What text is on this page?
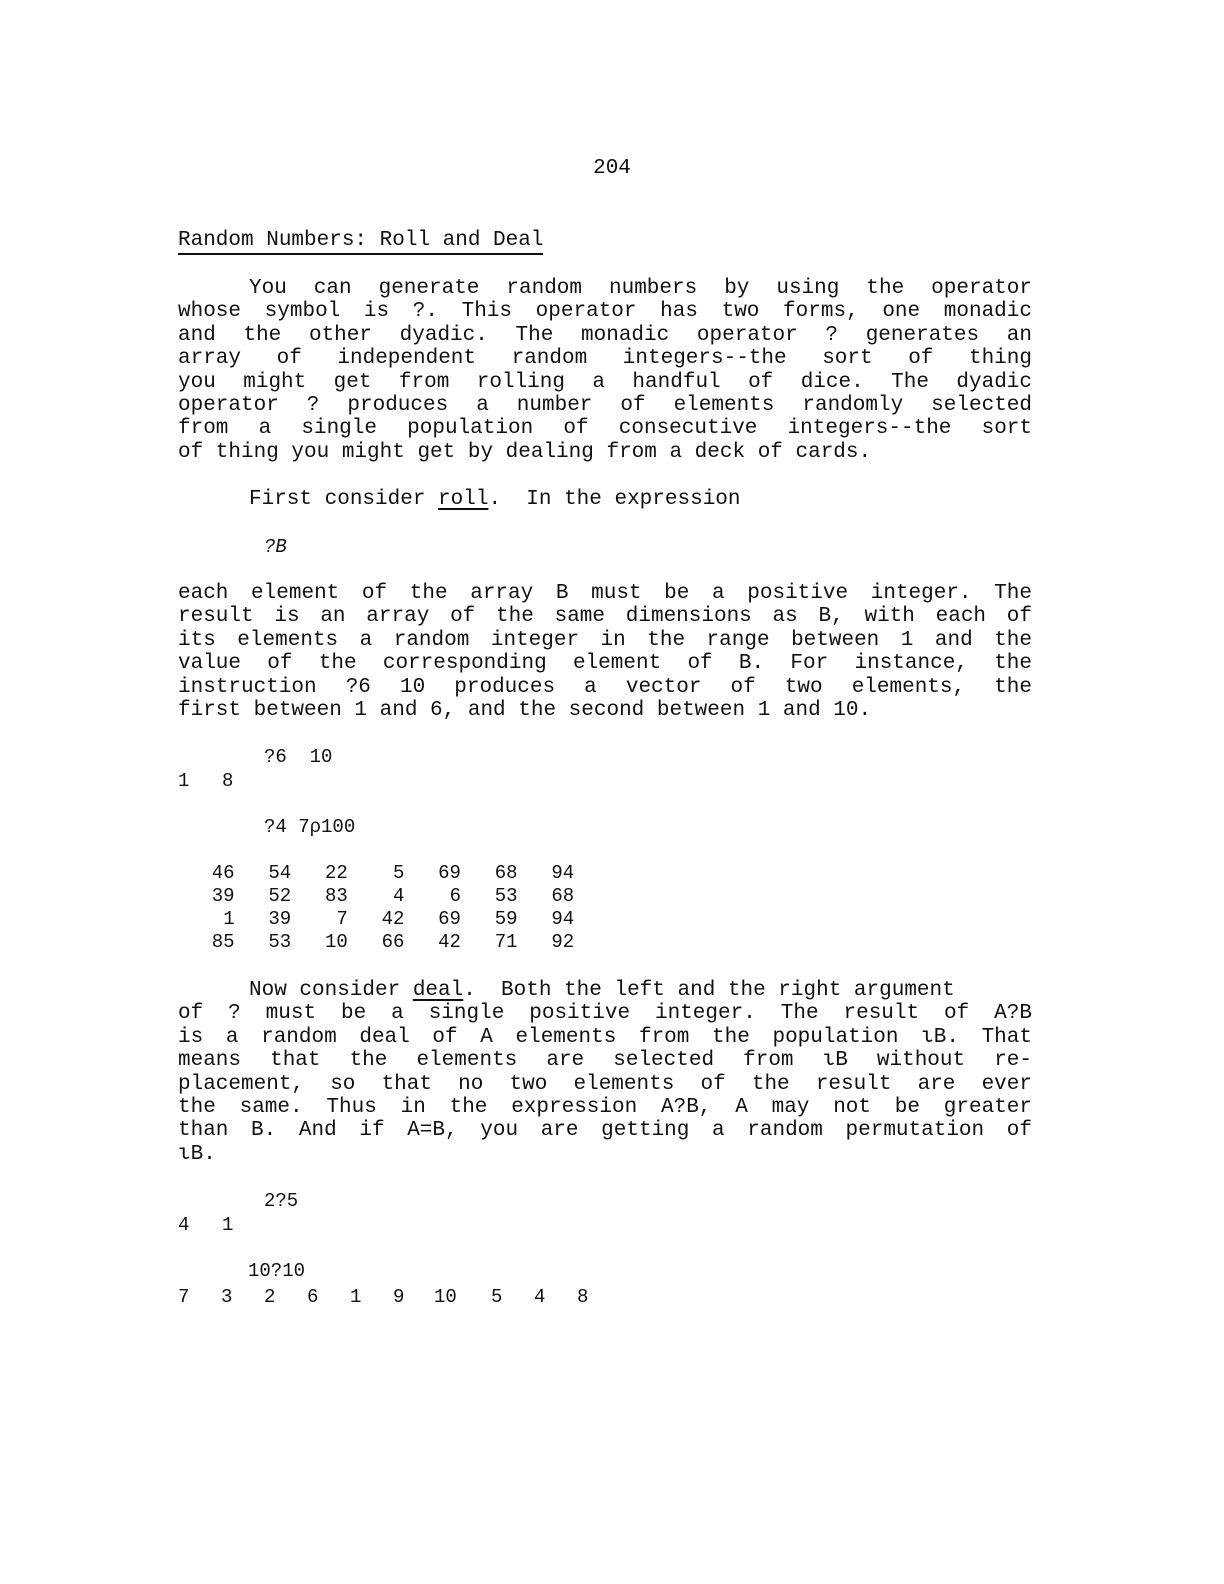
204
Random Numbers: Roll and Deal
You can generate random numbers by using the operator
whose symbol is ?. This operator has two forms, one monadic
and the other dyadic. The monadic operator ? generates an
array of independent random integers--the sort of thing
you might get from rolling a handful of dice. The dyadic
operator ? produces a number of elements randomly selected
from a single population of consecutive integers--the sort
of thing you might get by dealing from a deck of cards.
First consider roll.  In the expression
?B
each element of the array B must be a positive integer. The
result is an array of the same dimensions as B, with each of
its elements a random integer in the range between 1 and the
value of the corresponding element of B. For instance, the
instruction ?6 10 produces a vector of two elements, the
first between 1 and 6, and the second between 1 and 10.
?6  10
1 8
?4 7ρ100
46	54	22	5	69	68	94
39	52	83	4	6	53	68
1	39	7	42	69	59	94
85	53	10	66	42	71	92
Now consider deal.  Both the left and the right argument
of ? must be a single positive integer. The result of A?B
is a random deal of A elements from the population ιB. That
means that the elements are selected from ιB without re-
placement, so that no two elements of the result are ever
the same. Thus in the expression A?B, A may not be greater
than B. And if A=B, you are getting a random permutation of
ιB.
2?5
4 1
10?10
7 3 2 6 1 9 10 5 4 8
